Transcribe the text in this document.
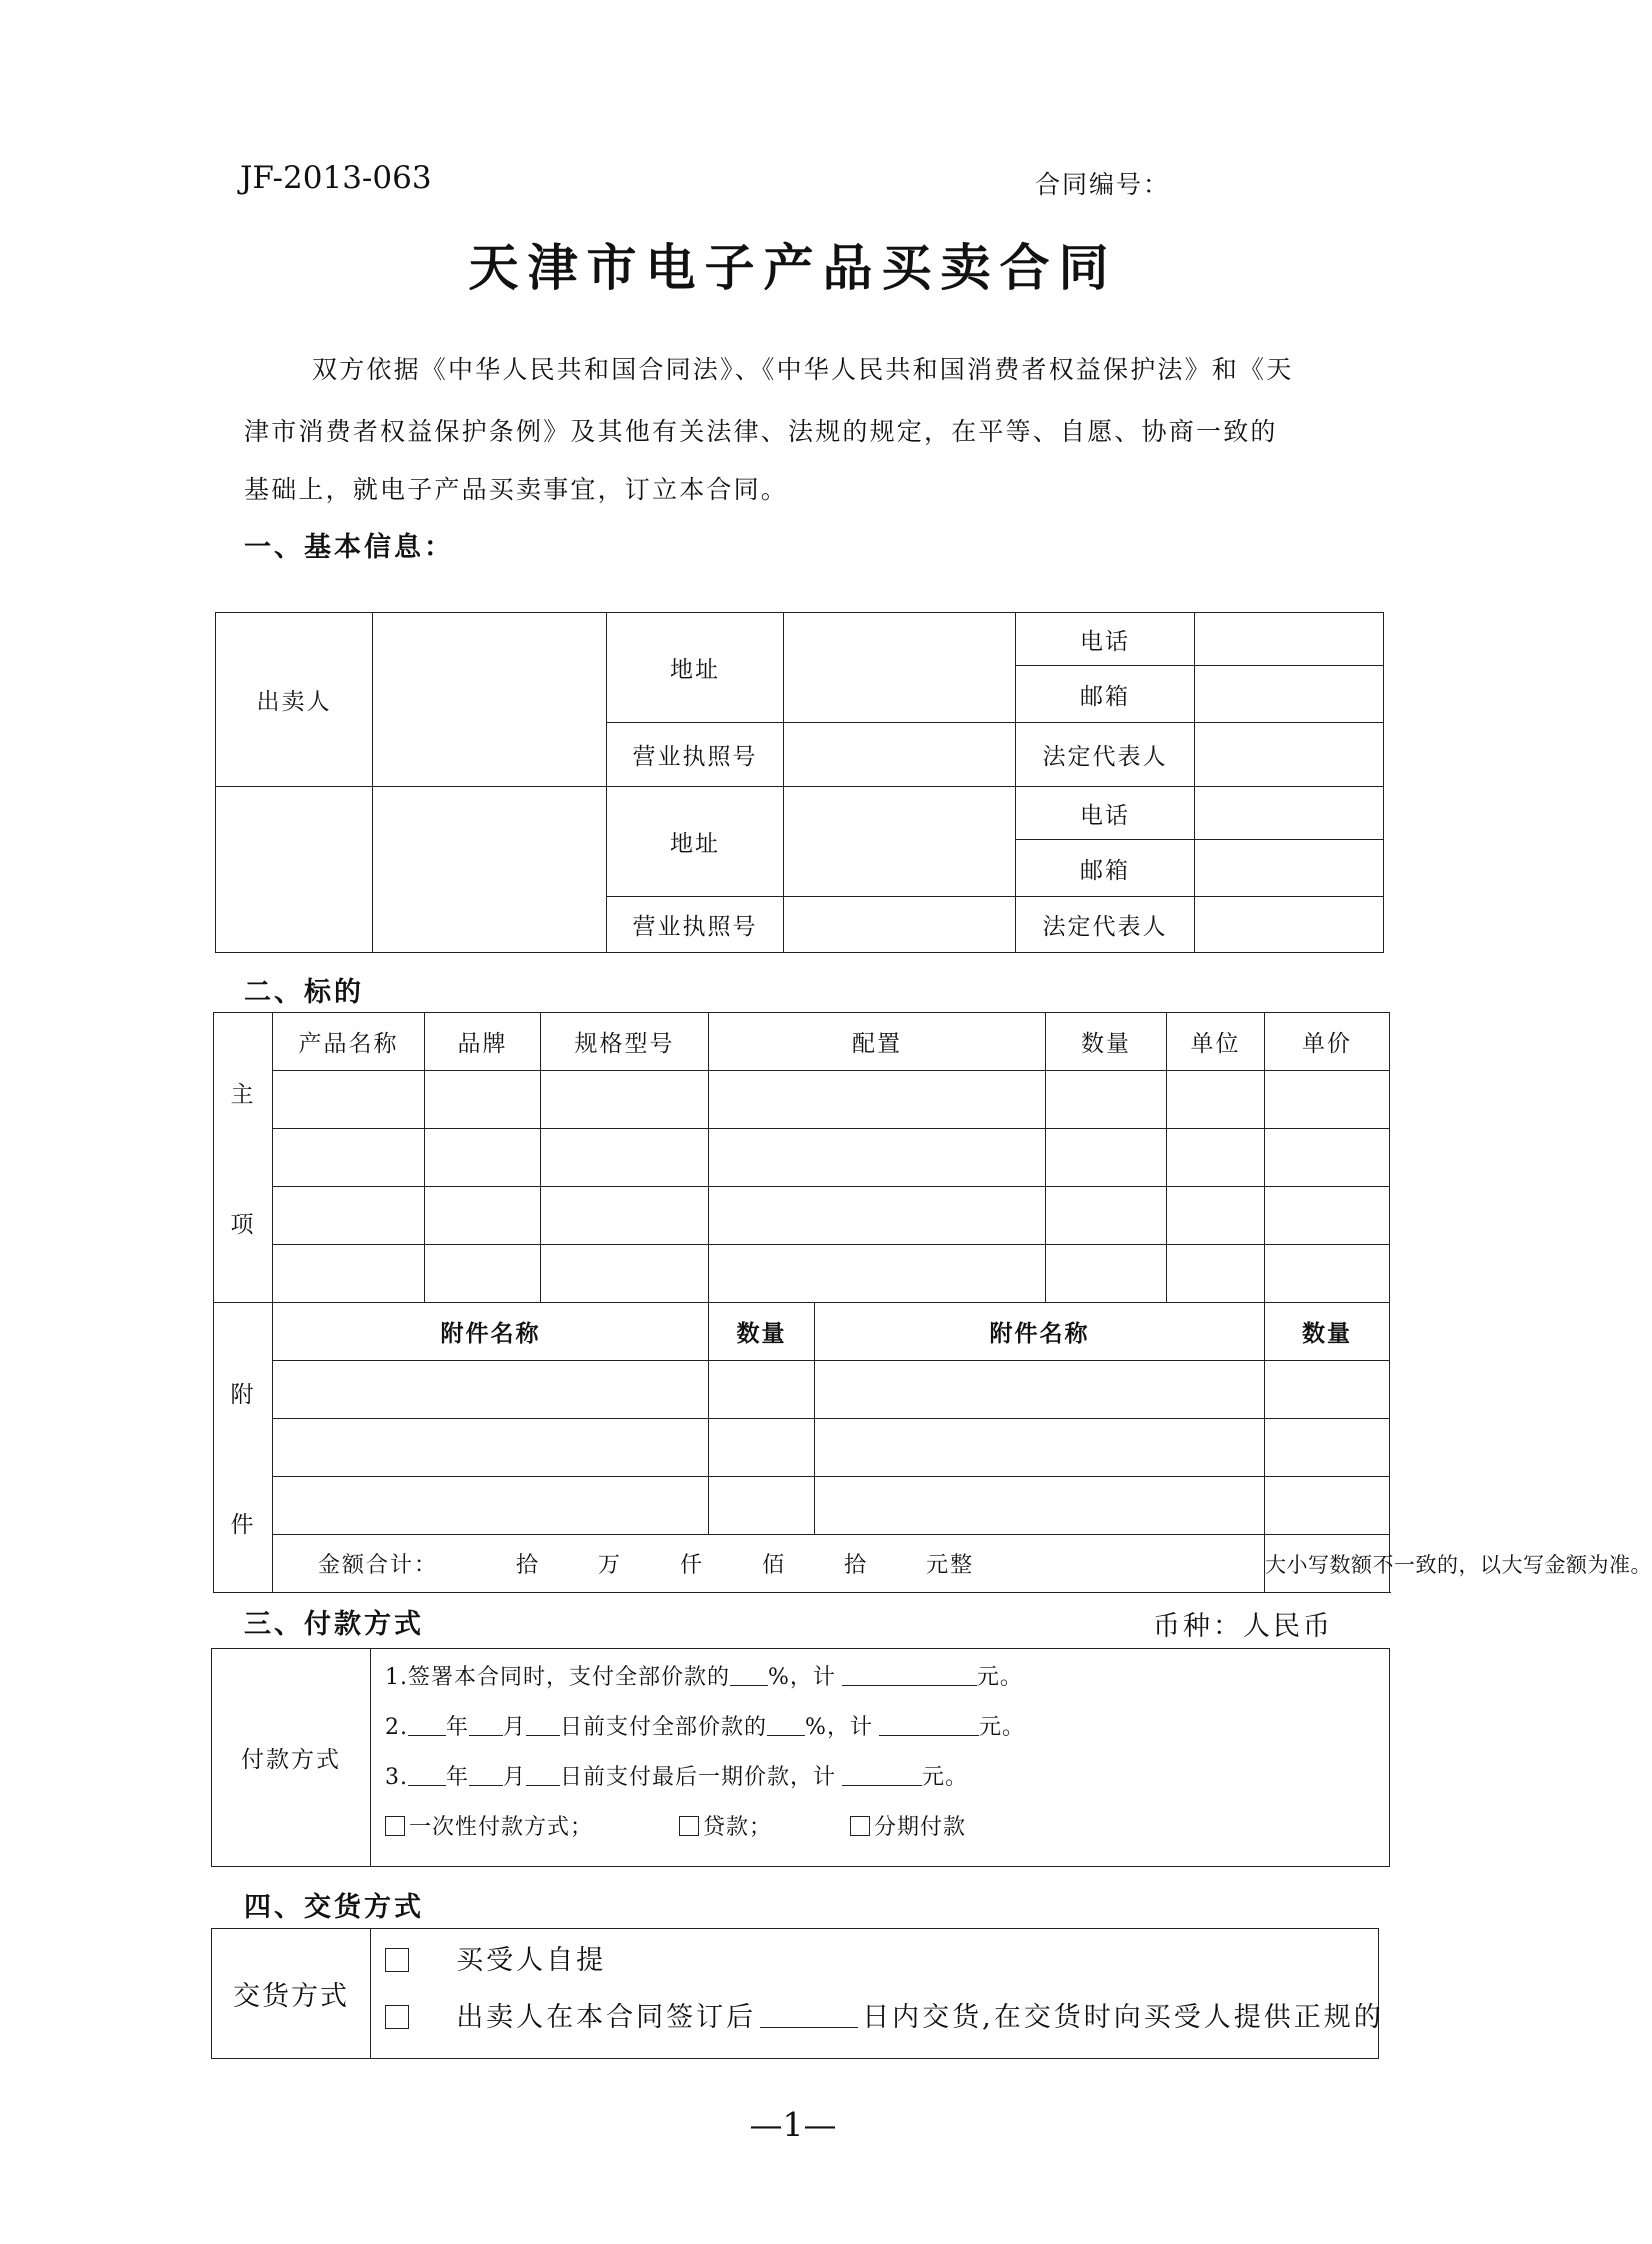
JF-2013-063	合同编号：
天津市电子产品买卖合同
双方依据《中华人民共和国合同法》、《中华人民共和国消费者权益保护法》和《天
津市消费者权益保护条例》及其他有关法律、法规的规定，在平等、自愿、协商一致的
基础上，就电子产品买卖事宜，订立本合同。
一、基本信息：
出卖人		地址		电话	
				邮箱	
		营业执照号		法定代表人	
		地址		电话	
				邮箱	
		营业执照号		法定代表人	
二、标的
主
项	产品名称	品牌	规格型号	配置	数量	单位	单价

附
件	附件名称	数量	附件名称	数量

	金额合计： 拾 万 仟 佰 拾 元整			大小写数额不一致的，以大写金额为准。
三、付款方式	币种：人民币
付款方式	
1.签署本合同时，支付全部价款的 %，计	元。
2. 年 月 日前支付全部价款的 %，计	元。
3. 年 月 日前支付最后一期价款，计	元。
一次性付款方式；	贷款；	分期付款
四、交货方式
交货方式	
买受人自提
出卖人在本合同签订后	日内交货,在交货时向买受人提供正规的
—1—
